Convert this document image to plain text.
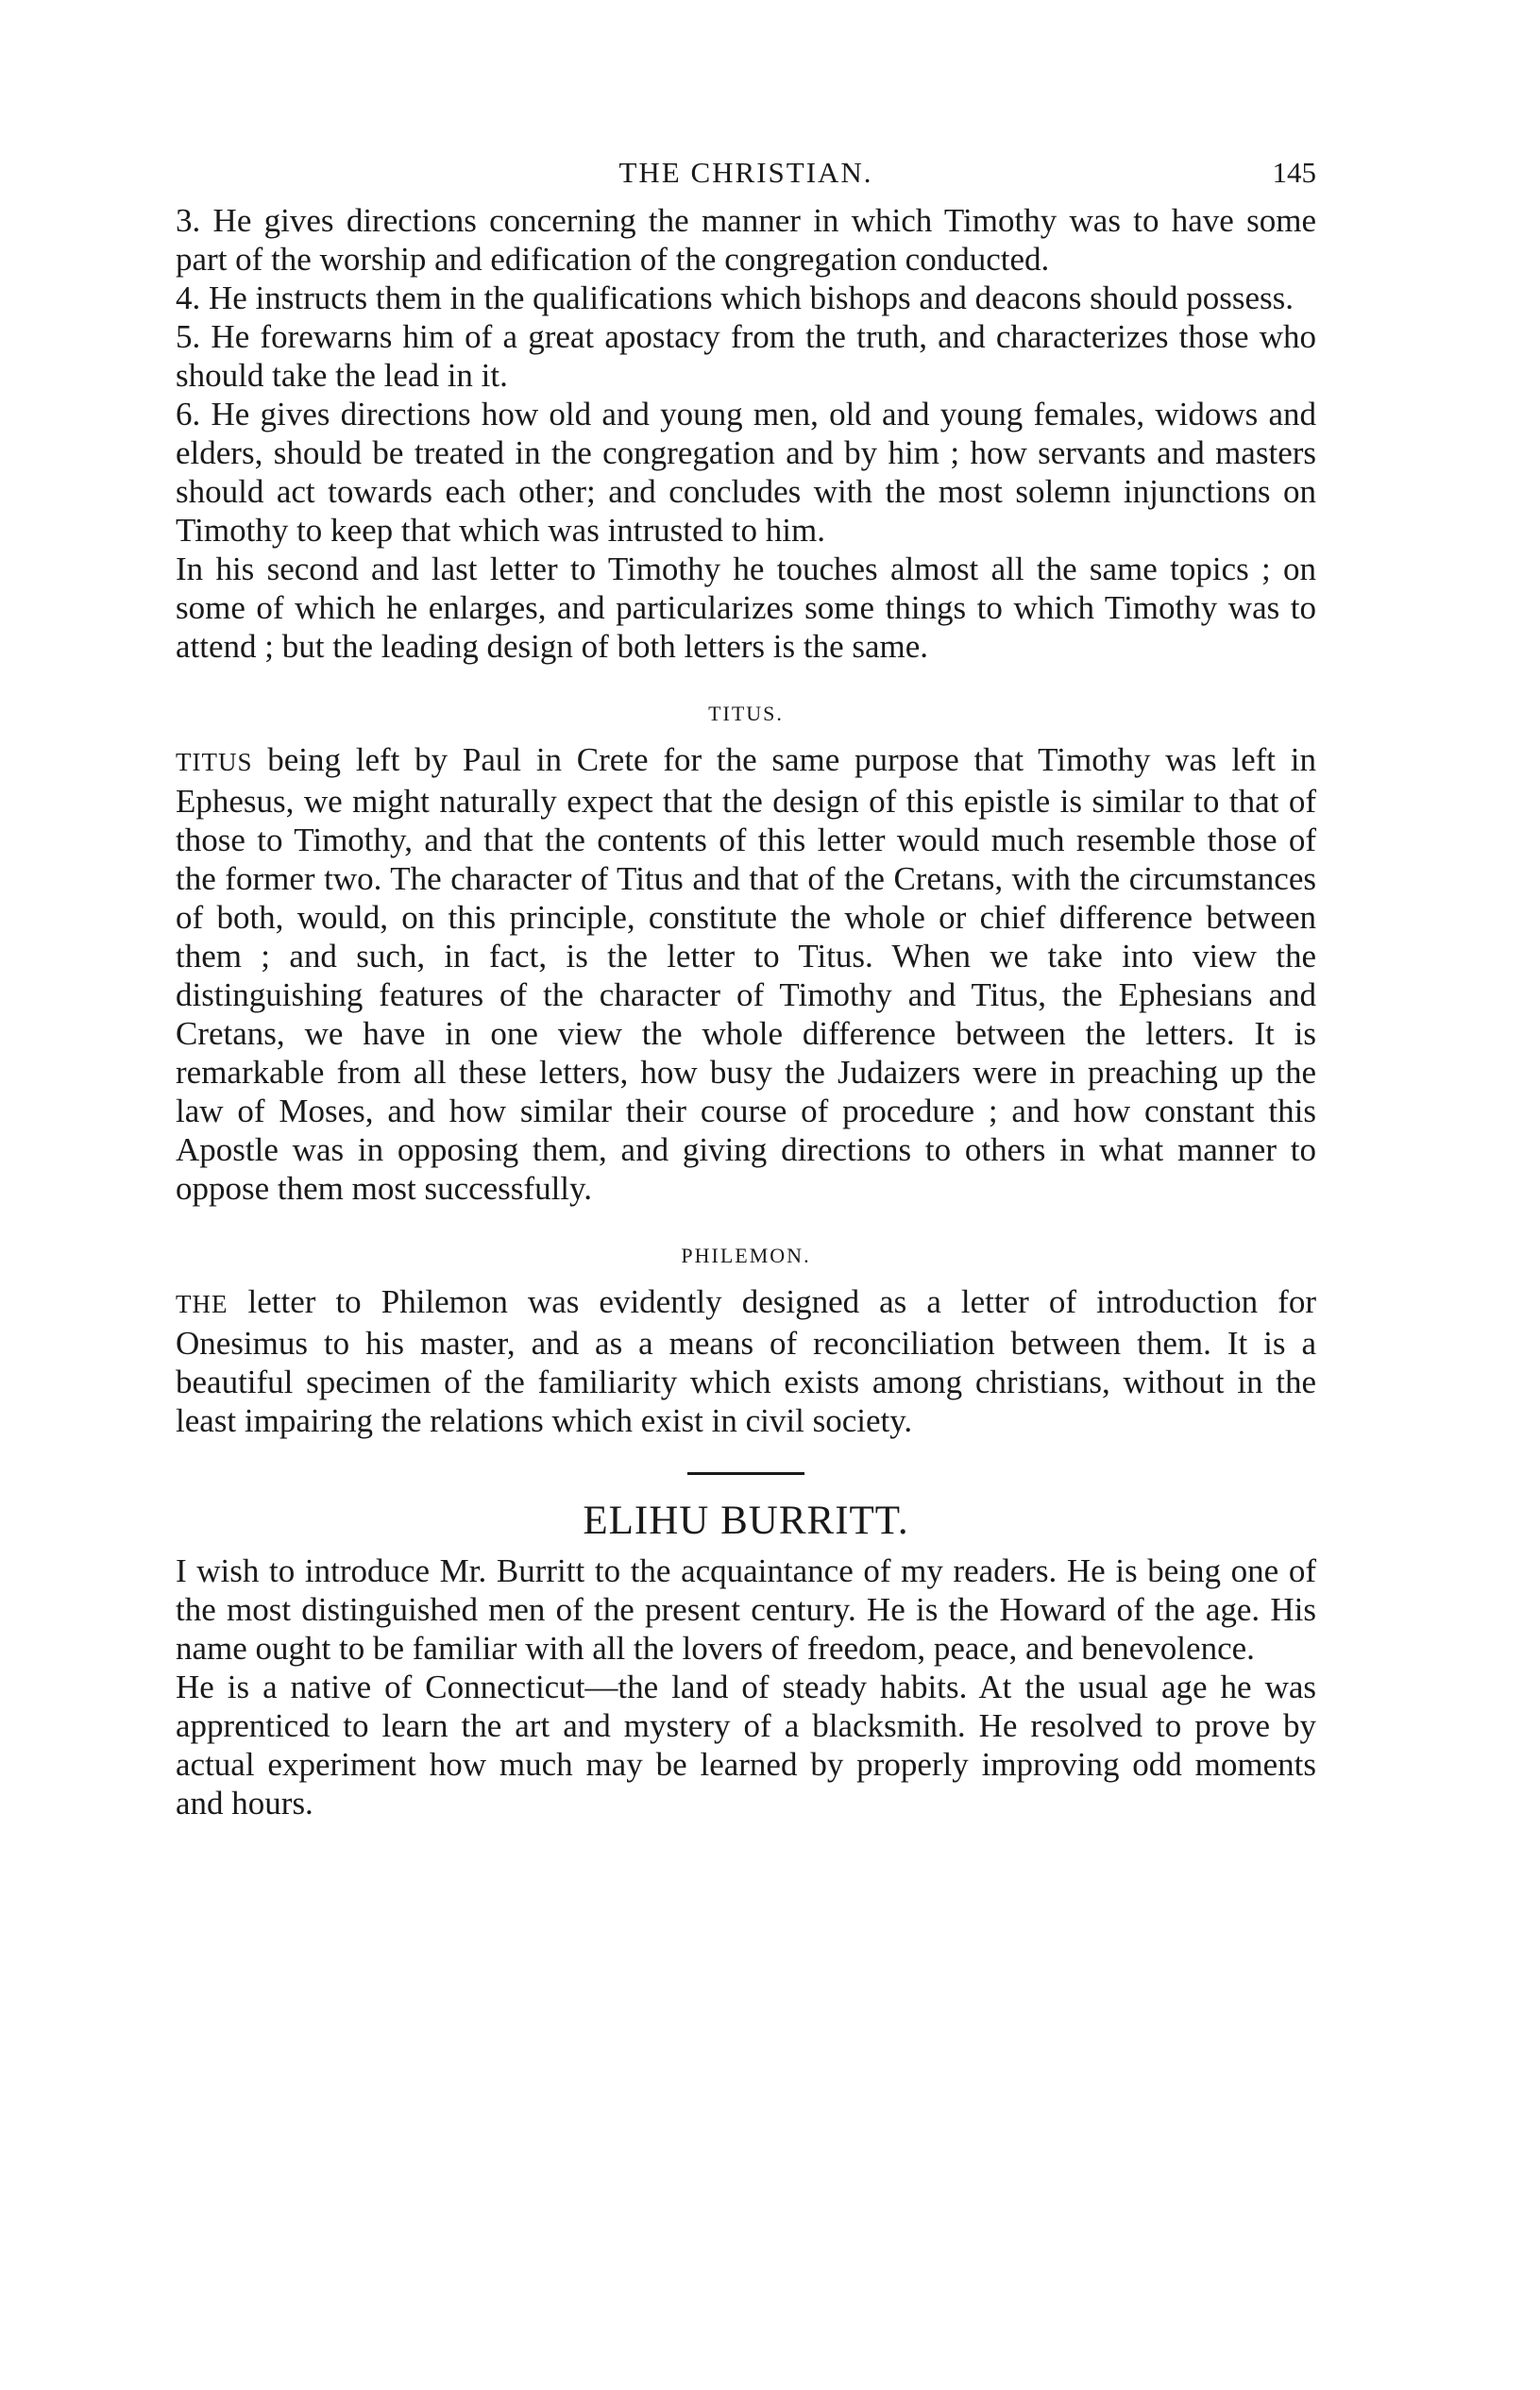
THE CHRISTIAN.	145

3. He gives directions concerning the manner in which Timothy was to have some part of the worship and edification of the congregation conducted.

4. He instructs them in the qualifications which bishops and deacons should possess.

5. He forewarns him of a great apostacy from the truth, and characterizes those who should take the lead in it.

6. He gives directions how old and young men, old and young females, widows and elders, should be treated in the congregation and by him ; how servants and masters should act towards each other; and concludes with the most solemn injunctions on Timothy to keep that which was intrusted to him.

In his second and last letter to Timothy he touches almost all the same topics ; on some of which he enlarges, and particularizes some things to which Timothy was to attend ; but the leading design of both letters is the same.

TITUS.

TITUS being left by Paul in Crete for the same purpose that Timothy was left in Ephesus, we might naturally expect that the design of this epistle is similar to that of those to Timothy, and that the contents of this letter would much resemble those of the former two. The character of Titus and that of the Cretans, with the circumstances of both, would, on this principle, constitute the whole or chief difference between them ; and such, in fact, is the letter to Titus. When we take into view the distinguishing features of the character of Timothy and Titus, the Ephesians and Cretans, we have in one view the whole difference between the letters. It is remarkable from all these letters, how busy the Judaizers were in preaching up the law of Moses, and how similar their course of procedure ; and how constant this Apostle was in opposing them, and giving directions to others in what manner to oppose them most successfully.

PHILEMON.

THE letter to Philemon was evidently designed as a letter of introduction for Onesimus to his master, and as a means of reconciliation between them. It is a beautiful specimen of the familiarity which exists among christians, without in the least impairing the relations which exist in civil society.

ELIHU BURRITT.

I wish to introduce Mr. Burritt to the acquaintance of my readers. He is being one of the most distinguished men of the present century. He is the Howard of the age. His name ought to be familiar with all the lovers of freedom, peace, and benevolence.

He is a native of Connecticut—the land of steady habits. At the usual age he was apprenticed to learn the art and mystery of a blacksmith. He resolved to prove by actual experiment how much may be learned by properly improving odd moments and hours.
